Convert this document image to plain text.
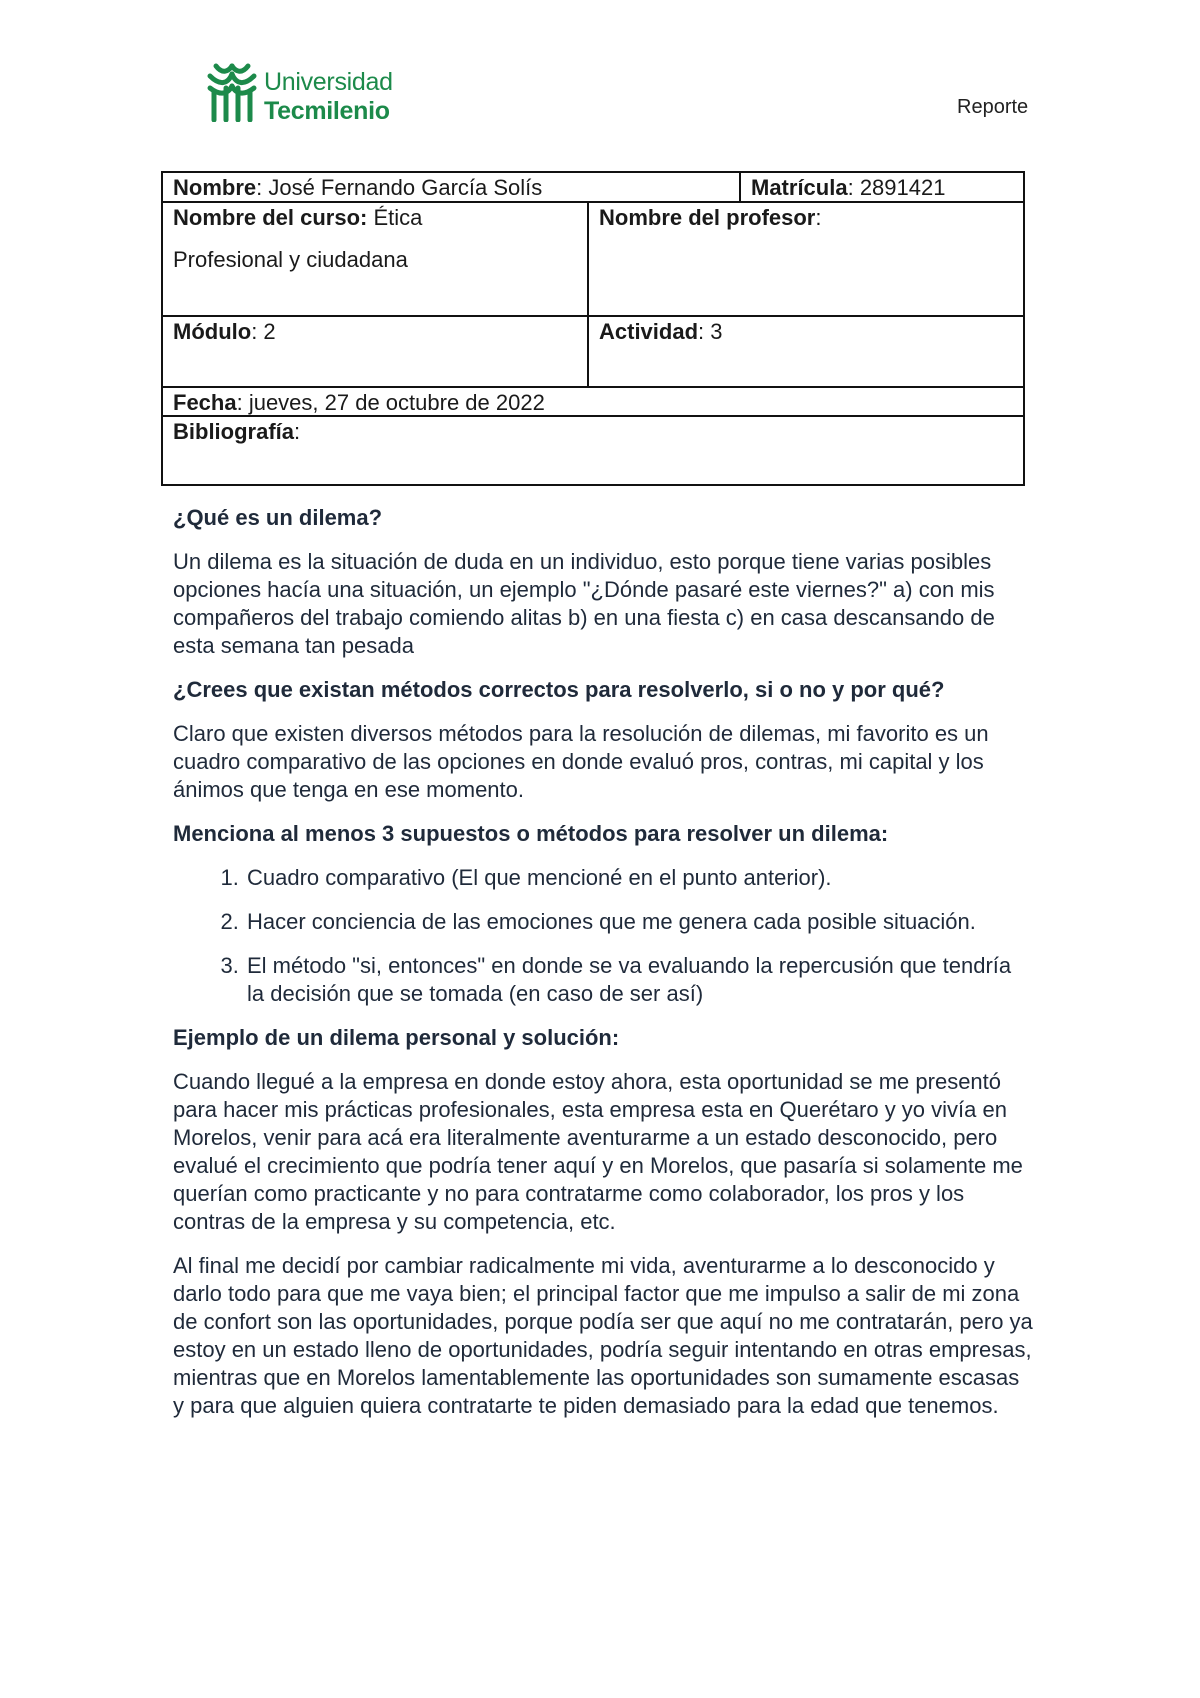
Universidad
Tecmilenio	Reporte
Nombre: José Fernando García Solís	Matrícula: 2891421
Nombre del curso: Ética
Profesional y ciudadana
Nombre del profesor:
Módulo: 2	Actividad: 3
Fecha: jueves, 27 de octubre de 2022
Bibliografía:
¿Qué es un dilema?

Un dilema es la situación de duda en un individuo, esto porque tiene varias posibles opciones hacía una situación, un ejemplo "¿Dónde pasaré este viernes?" a) con mis compañeros del trabajo comiendo alitas b) en una fiesta c) en casa descansando de esta semana tan pesada

¿Crees que existan métodos correctos para resolverlo, si o no y por qué?

Claro que existen diversos métodos para la resolución de dilemas, mi favorito es un cuadro comparativo de las opciones en donde evaluó pros, contras, mi capital y los ánimos que tenga en ese momento.

Menciona al menos 3 supuestos o métodos para resolver un dilema:
1. Cuadro comparativo (El que mencioné en el punto anterior).
2. Hacer conciencia de las emociones que me genera cada posible situación.
3. El método "si, entonces" en donde se va evaluando la repercusión que tendría la decisión que se tomada (en caso de ser así)
Ejemplo de un dilema personal y solución:

Cuando llegué a la empresa en donde estoy ahora, esta oportunidad se me presentó para hacer mis prácticas profesionales, esta empresa esta en Querétaro y yo vivía en Morelos, venir para acá era literalmente aventurarme a un estado desconocido, pero evalué el crecimiento que podría tener aquí y en Morelos, que pasaría si solamente me querían como practicante y no para contratarme como colaborador, los pros y los contras de la empresa y su competencia, etc.

Al final me decidí por cambiar radicalmente mi vida, aventurarme a lo desconocido y darlo todo para que me vaya bien; el principal factor que me impulso a salir de mi zona de confort son las oportunidades, porque podía ser que aquí no me contratarán, pero ya estoy en un estado lleno de oportunidades, podría seguir intentando en otras empresas, mientras que en Morelos lamentablemente las oportunidades son sumamente escasas y para que alguien quiera contratarte te piden demasiado para la edad que tenemos.
